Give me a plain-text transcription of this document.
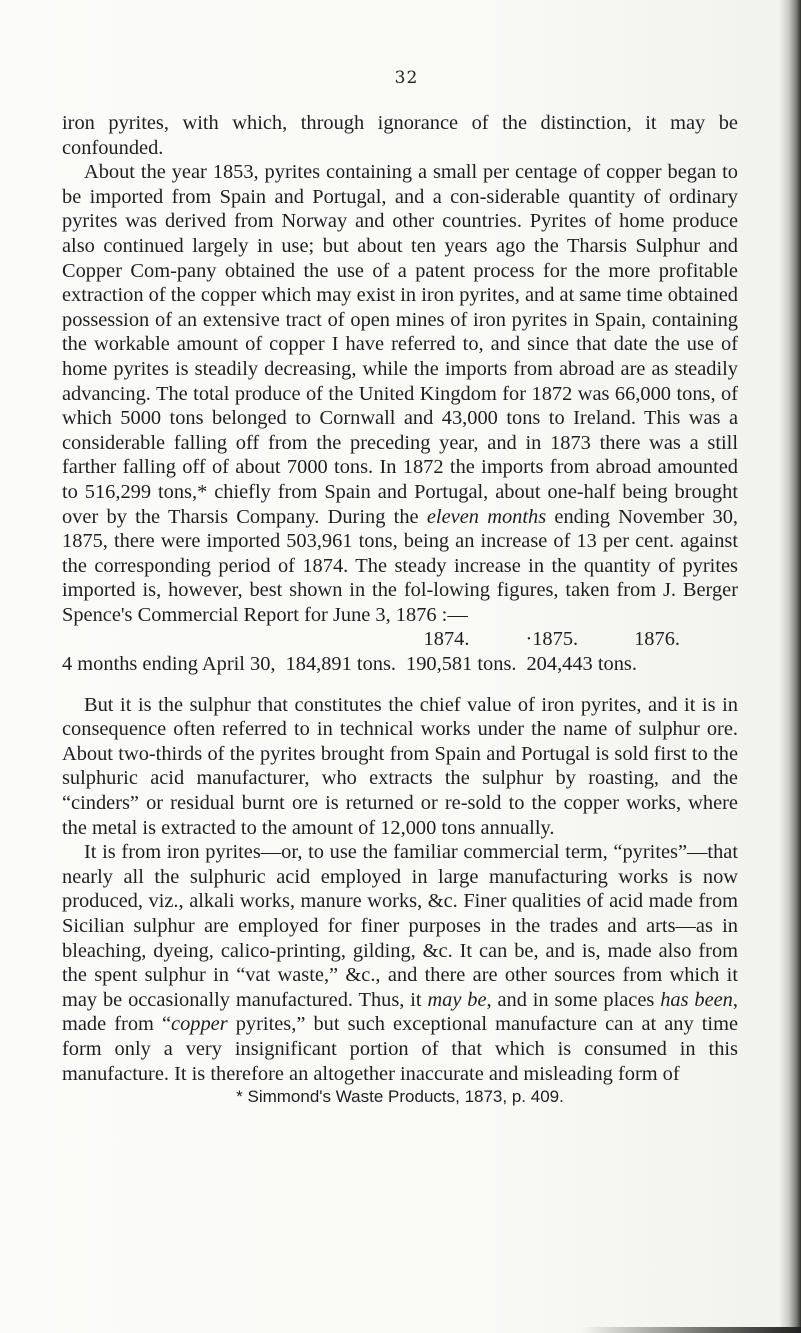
32

iron pyrites, with which, through ignorance of the distinction, it may be confounded.

About the year 1853, pyrites containing a small per centage of copper began to be imported from Spain and Portugal, and a con-siderable quantity of ordinary pyrites was derived from Norway and other countries. Pyrites of home produce also continued largely in use; but about ten years ago the Tharsis Sulphur and Copper Com-pany obtained the use of a patent process for the more profitable extraction of the copper which may exist in iron pyrites, and at same time obtained possession of an extensive tract of open mines of iron pyrites in Spain, containing the workable amount of copper I have referred to, and since that date the use of home pyrites is steadily decreasing, while the imports from abroad are as steadily advancing. The total produce of the United Kingdom for 1872 was 66,000 tons, of which 5000 tons belonged to Cornwall and 43,000 tons to Ireland. This was a considerable falling off from the preceding year, and in 1873 there was a still farther falling off of about 7000 tons. In 1872 the imports from abroad amounted to 516,299 tons,* chiefly from Spain and Portugal, about one-half being brought over by the Tharsis Company. During the eleven months ending November 30, 1875, there were imported 503,961 tons, being an increase of 13 per cent. against the corresponding period of 1874. The steady increase in the quantity of pyrites imported is, however, best shown in the fol-lowing figures, taken from J. Berger Spence's Commercial Report for June 3, 1876 :—

1874.	·1875.	1876.

4 months ending April 30, 184,891 tons. 190,581 tons. 204,443 tons.

But it is the sulphur that constitutes the chief value of iron pyrites, and it is in consequence often referred to in technical works under the name of sulphur ore. About two-thirds of the pyrites brought from Spain and Portugal is sold first to the sulphuric acid manufacturer, who extracts the sulphur by roasting, and the “cinders” or residual burnt ore is returned or re-sold to the copper works, where the metal is extracted to the amount of 12,000 tons annually.

It is from iron pyrites—or, to use the familiar commercial term, “pyrites”—that nearly all the sulphuric acid employed in large manufacturing works is now produced, viz., alkali works, manure works, &c. Finer qualities of acid made from Sicilian sulphur are employed for finer purposes in the trades and arts—as in bleaching, dyeing, calico-printing, gilding, &c. It can be, and is, made also from the spent sulphur in “vat waste,” &c., and there are other sources from which it may be occasionally manufactured. Thus, it may be, and in some places has been, made from “copper pyrites,” but such exceptional manufacture can at any time form only a very insignificant portion of that which is consumed in this manufacture. It is therefore an altogether inaccurate and misleading form of

* Simmond's Waste Products, 1873, p. 409.
